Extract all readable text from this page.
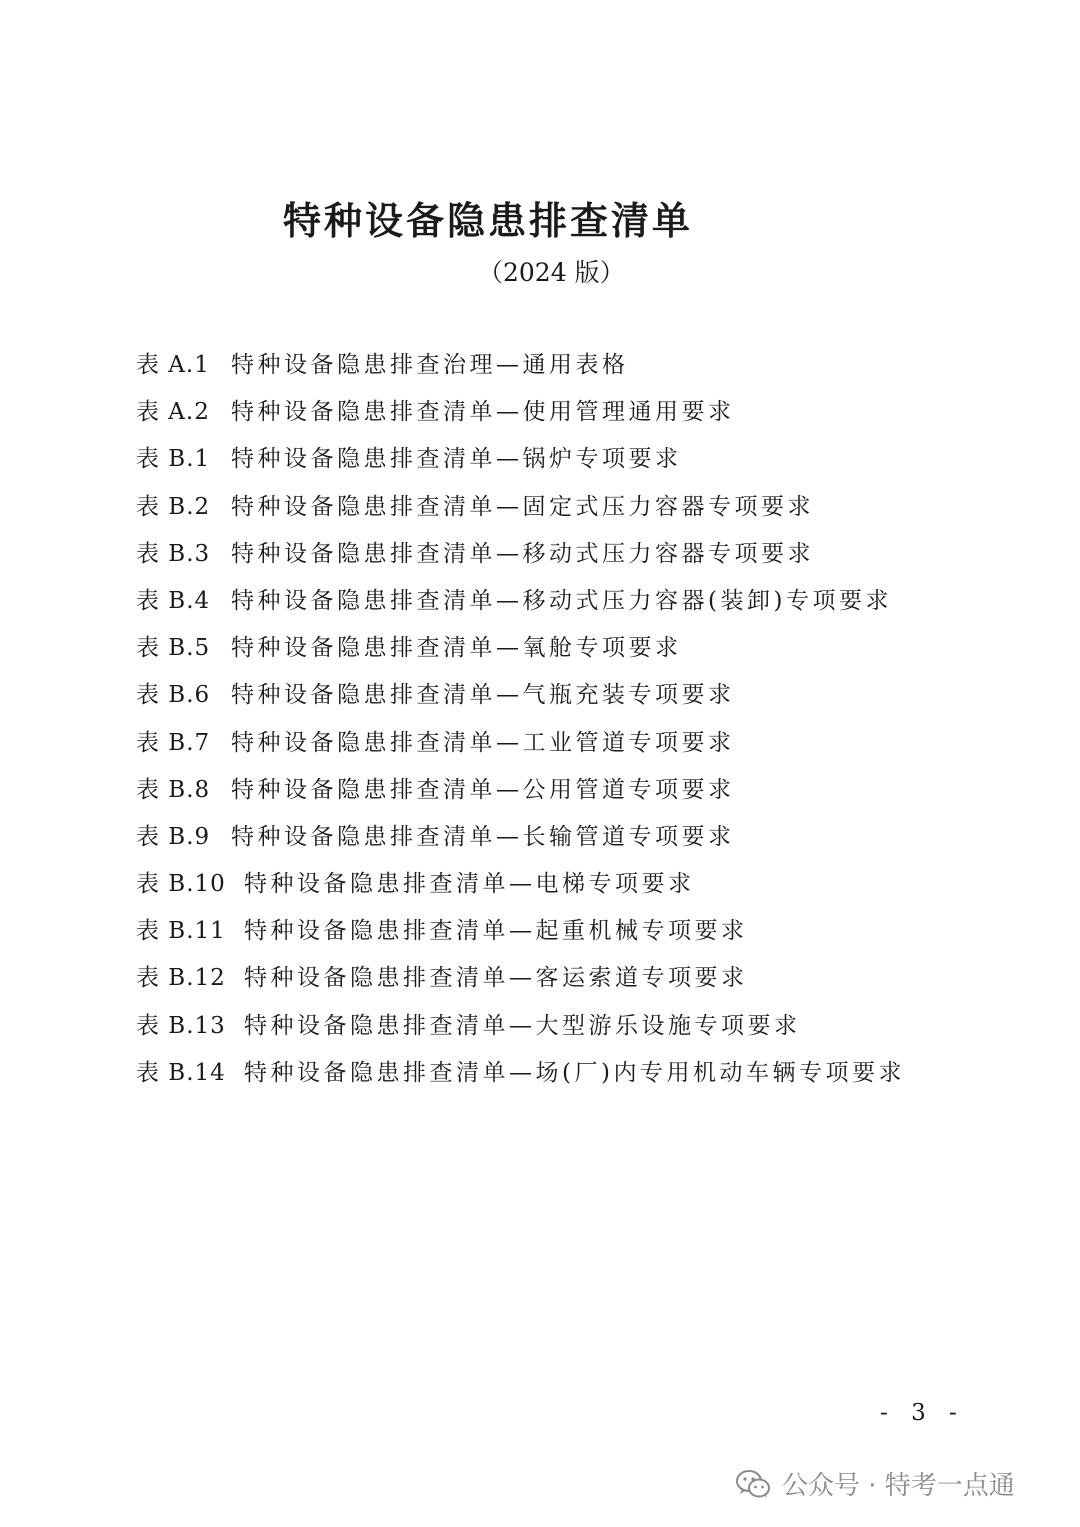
特种设备隐患排查清单
（2024 版）
表 A.1 特种设备隐患排查治理—通用表格
表 A.2 特种设备隐患排查清单—使用管理通用要求
表 B.1 特种设备隐患排查清单—锅炉专项要求
表 B.2 特种设备隐患排查清单—固定式压力容器专项要求
表 B.3 特种设备隐患排查清单—移动式压力容器专项要求
表 B.4 特种设备隐患排查清单—移动式压力容器(装卸)专项要求
表 B.5 特种设备隐患排查清单—氧舱专项要求
表 B.6 特种设备隐患排查清单—气瓶充装专项要求
表 B.7 特种设备隐患排查清单—工业管道专项要求
表 B.8 特种设备隐患排查清单—公用管道专项要求
表 B.9 特种设备隐患排查清单—长输管道专项要求
表 B.10 特种设备隐患排查清单—电梯专项要求
表 B.11 特种设备隐患排查清单—起重机械专项要求
表 B.12 特种设备隐患排查清单—客运索道专项要求
表 B.13 特种设备隐患排查清单—大型游乐设施专项要求
表 B.14 特种设备隐患排查清单—场(厂)内专用机动车辆专项要求
- 3 -
公众号 · 特考一点通
